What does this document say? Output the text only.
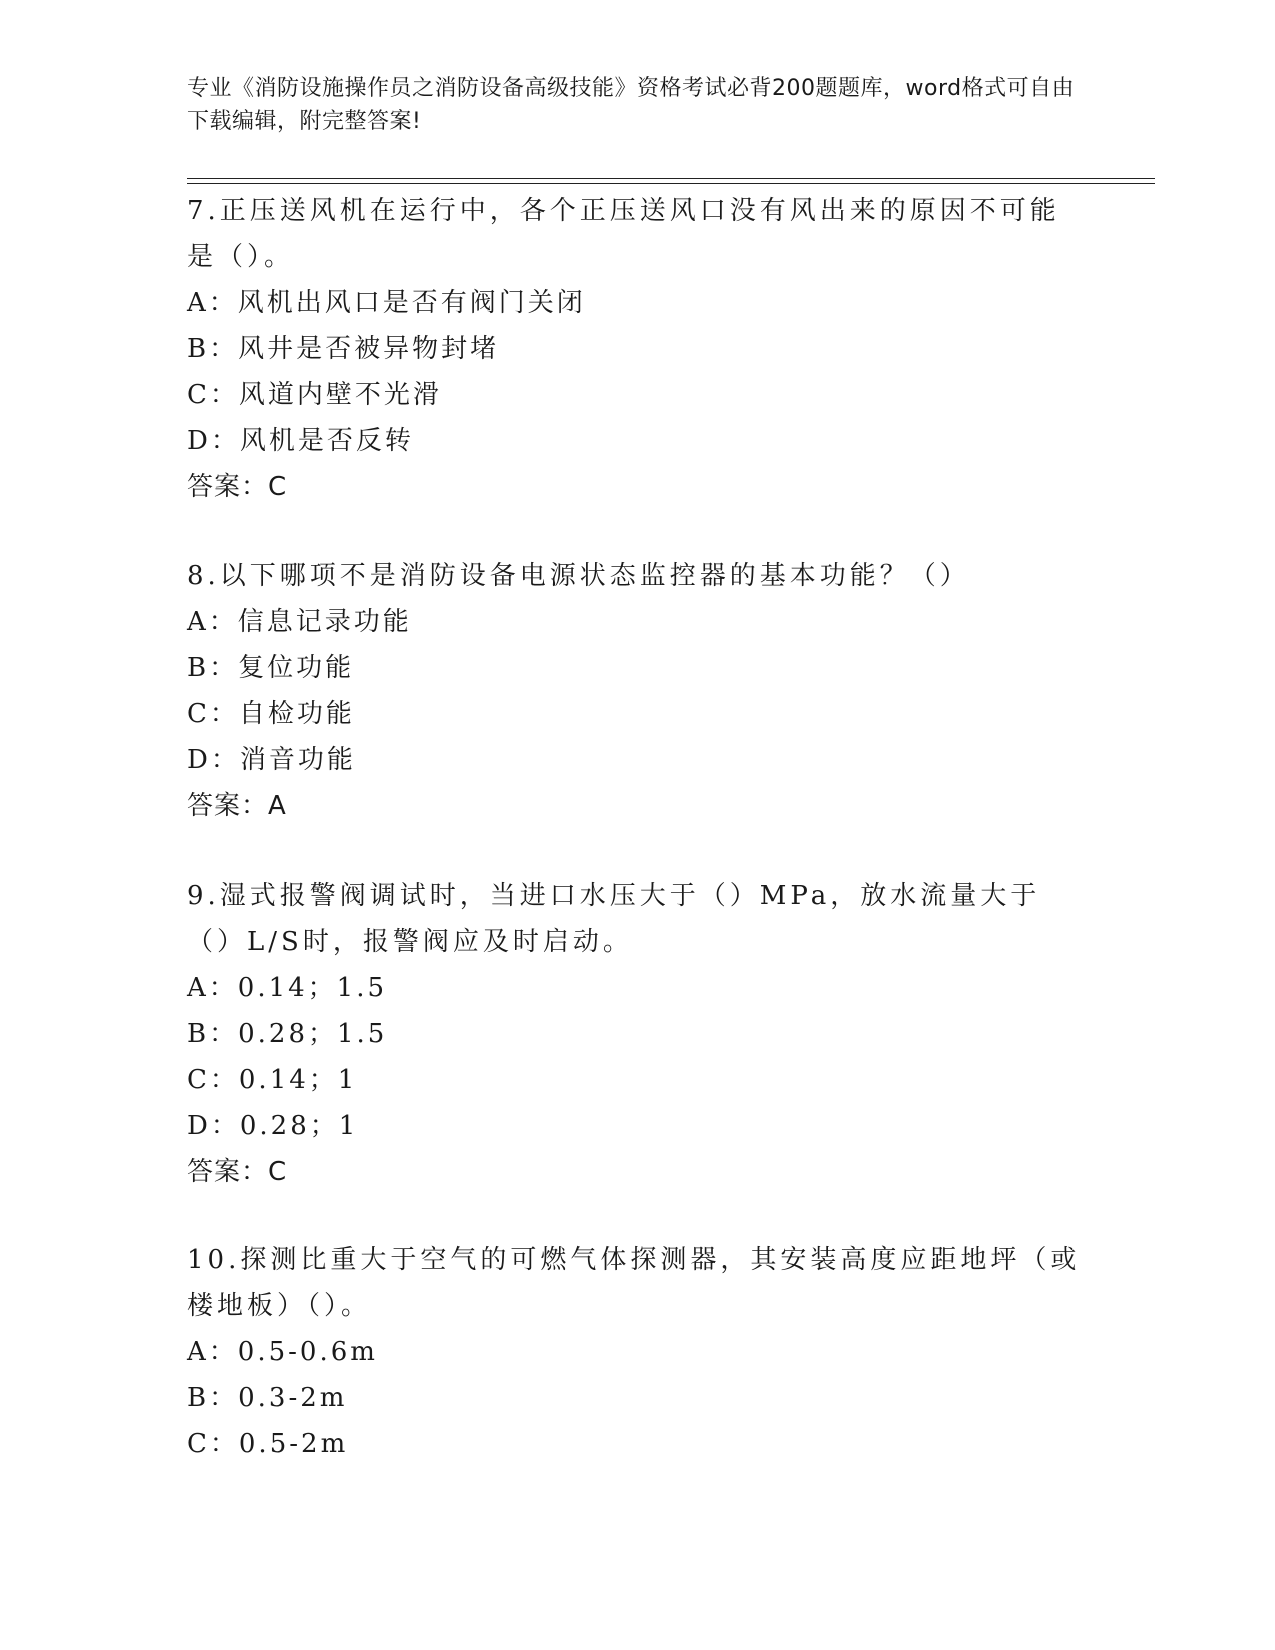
专业《消防设施操作员之消防设备高级技能》资格考试必背200题题库，word格式可自由下载编辑，附完整答案!

7.正压送风机在运行中，各个正压送风口没有风出来的原因不可能是（）。

A：风机出风口是否有阀门关闭

B：风井是否被异物封堵

C：风道内壁不光滑

D：风机是否反转

答案：C

8.以下哪项不是消防设备电源状态监控器的基本功能？（）

A：信息记录功能

B：复位功能

C：自检功能

D：消音功能

答案：A

9.湿式报警阀调试时，当进口水压大于（）MPa，放水流量大于（）L/S时，报警阀应及时启动。

A：0.14；1.5

B：0.28；1.5

C：0.14；1

D：0.28；1

答案：C

10.探测比重大于空气的可燃气体探测器，其安装高度应距地坪（或楼地板）（）。

A：0.5-0.6m

B：0.3-2m

C：0.5-2m
